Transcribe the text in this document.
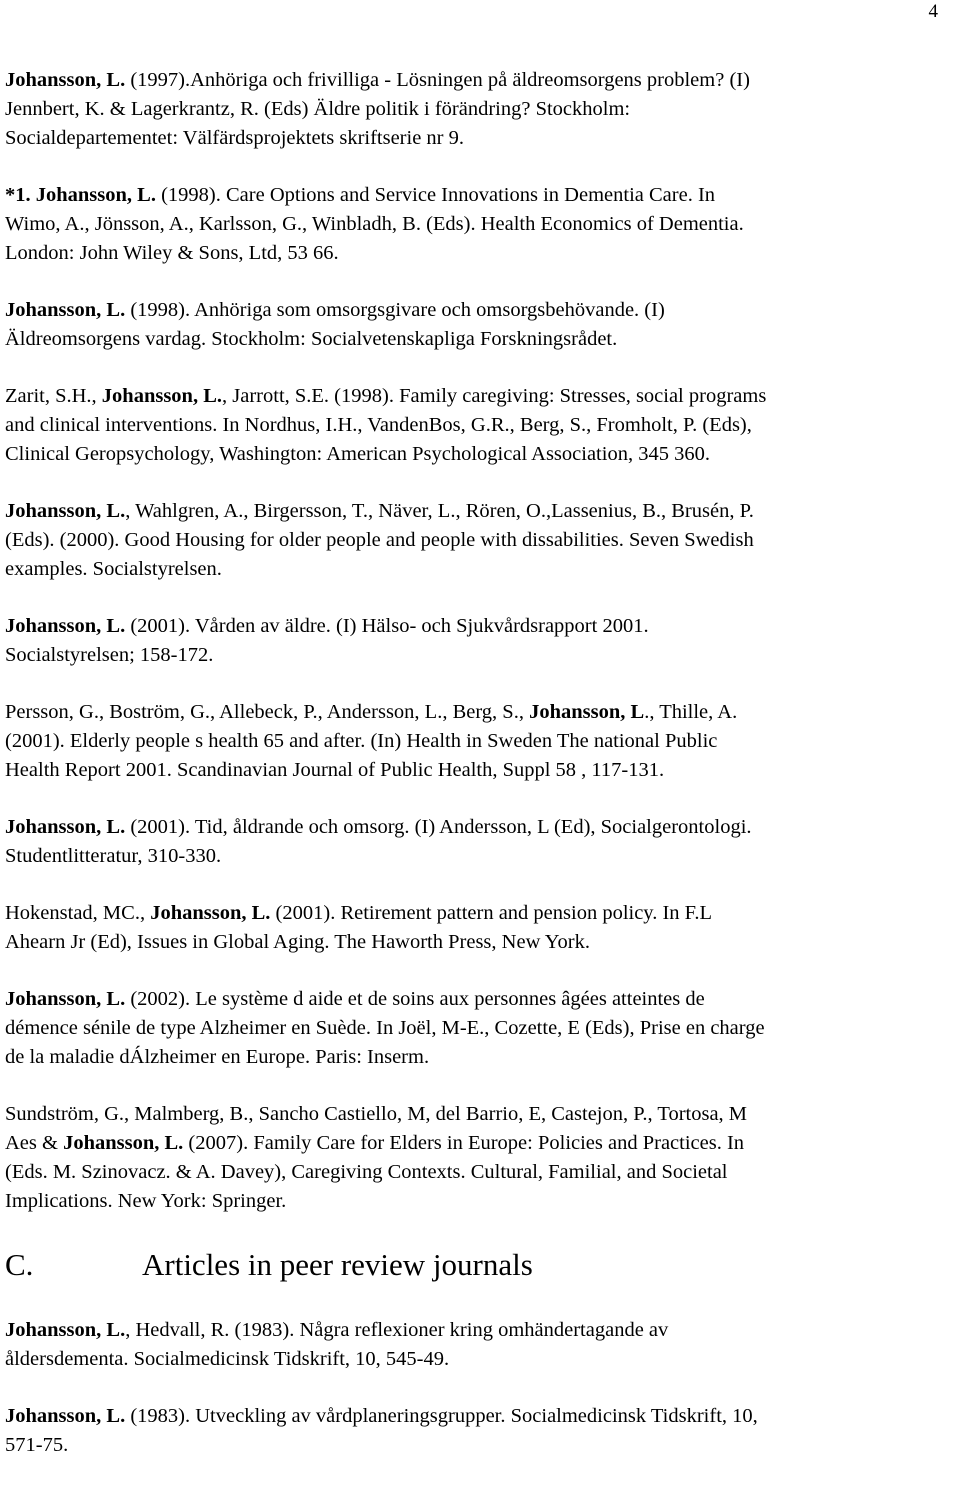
4
Johansson, L. (1997).Anhöriga och frivilliga - Lösningen på äldreomsorgens problem? (I)
Jennbert, K. & Lagerkrantz, R. (Eds) Äldre politik i förändring? Stockholm:
Socialdepartementet: Välfärdsprojektets skriftserie nr 9.
*1. Johansson, L. (1998). Care Options and Service Innovations in Dementia Care. In
Wimo, A., Jönsson, A., Karlsson, G., Winbladh, B. (Eds). Health Economics of Dementia.
London: John Wiley & Sons, Ltd, 53 66.
Johansson, L. (1998). Anhöriga som omsorgsgivare och omsorgsbehövande. (I)
Äldreomsorgens vardag. Stockholm: Socialvetenskapliga Forskningsrådet.
Zarit, S.H., Johansson, L., Jarrott, S.E. (1998). Family caregiving: Stresses, social programs
and clinical interventions. In Nordhus, I.H., VandenBos, G.R., Berg, S., Fromholt, P. (Eds),
Clinical Geropsychology, Washington: American Psychological Association, 345 360.
Johansson, L., Wahlgren, A., Birgersson, T., Näver, L., Rören, O.,Lassenius, B., Brusén, P.
(Eds). (2000). Good Housing for older people and people with dissabilities. Seven Swedish
examples. Socialstyrelsen.
Johansson, L. (2001). Vården av äldre. (I) Hälso- och Sjukvårdsrapport 2001.
Socialstyrelsen; 158-172.
Persson, G., Boström, G., Allebeck, P., Andersson, L., Berg, S., Johansson, L., Thille, A.
(2001). Elderly people s health 65 and after. (In) Health in Sweden The national Public
Health Report 2001. Scandinavian Journal of Public Health, Suppl 58 , 117-131.
Johansson, L. (2001). Tid, åldrande och omsorg. (I) Andersson, L (Ed), Socialgerontologi.
Studentlitteratur, 310-330.
Hokenstad, MC., Johansson, L. (2001). Retirement pattern and pension policy. In F.L
Ahearn Jr (Ed), Issues in Global Aging. The Haworth Press, New York.
Johansson, L. (2002). Le système d aide et de soins aux personnes âgées atteintes de
démence sénile de type Alzheimer en Suède. In Joël, M-E., Cozette, E (Eds), Prise en charge
de la maladie dÁlzheimer en Europe. Paris: Inserm.
Sundström, G., Malmberg, B., Sancho Castiello, M, del Barrio, E, Castejon, P., Tortosa, M
Aes & Johansson, L. (2007). Family Care for Elders in Europe: Policies and Practices. In
(Eds. M. Szinovacz. & A. Davey), Caregiving Contexts. Cultural, Familial, and Societal
Implications. New York: Springer.
C.	Articles in peer review journals
Johansson, L., Hedvall, R. (1983). Några reflexioner kring omhändertagande av
åldersdementa. Socialmedicinsk Tidskrift, 10, 545-49.
Johansson, L. (1983). Utveckling av vårdplaneringsgrupper. Socialmedicinsk Tidskrift, 10,
571-75.
